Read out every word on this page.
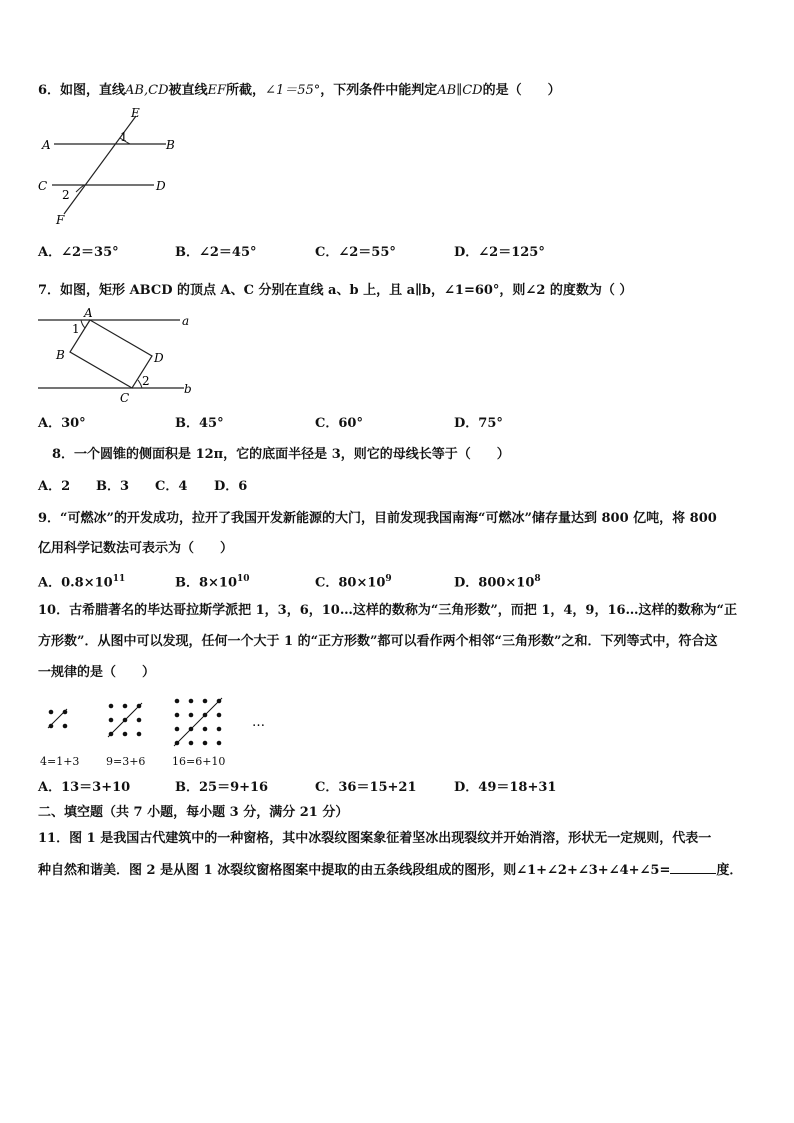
6．如图，直线AB,CD被直线EF所截，∠1＝55°，下列条件中能判定AB∥CD的是（　　）
E
1
A	B
C	D
2
F
A．∠2＝35°	B．∠2＝45°	C．∠2＝55°	D．∠2＝125°
7．如图，矩形 ABCD 的顶点 A、C 分别在直线 a、b 上，且 a∥b，∠1=60°，则∠2 的度数为（ ）
A
a
1
B	D
2
b
C
A．30°	B．45°	C．60°	D．75°
8．一个圆锥的侧面积是 12π，它的底面半径是 3，则它的母线长等于（　　）
A．2 B．3 C．4 D．6
9．“可燃冰”的开发成功，拉开了我国开发新能源的大门，目前发现我国南海“可燃冰”储存量达到 800 亿吨，将 800
亿用科学记数法可表示为（　　）
A．$0.8\times 10^{11}$	B．$8\times 10^{10}$	C．$80\times 10^9$	D．$800\times 10^8$
10．古希腊著名的毕达哥拉斯学派把 1，3，6，10…这样的数称为“三角形数”，而把 1，4，9，16…这样的数称为“正
方形数”．从图中可以发现，任何一个大于 1 的“正方形数”都可以看作两个相邻“三角形数”之和．下列等式中，符合这
一规律的是（　　）
…
4=1+3 9=3+6 16=6+10
A．13＝3+10	B．25＝9+16	C．36＝15+21	D．49＝18+31
二、填空题（共 7 小题，每小题 3 分，满分 21 分）
11．图 1 是我国古代建筑中的一种窗格，其中冰裂纹图案象征着坚冰出现裂纹并开始消溶，形状无一定规则，代表一
种自然和谐美．图 2 是从图 1 冰裂纹窗格图案中提取的由五条线段组成的图形，则∠1+∠2+∠3+∠4+∠5=	度．
